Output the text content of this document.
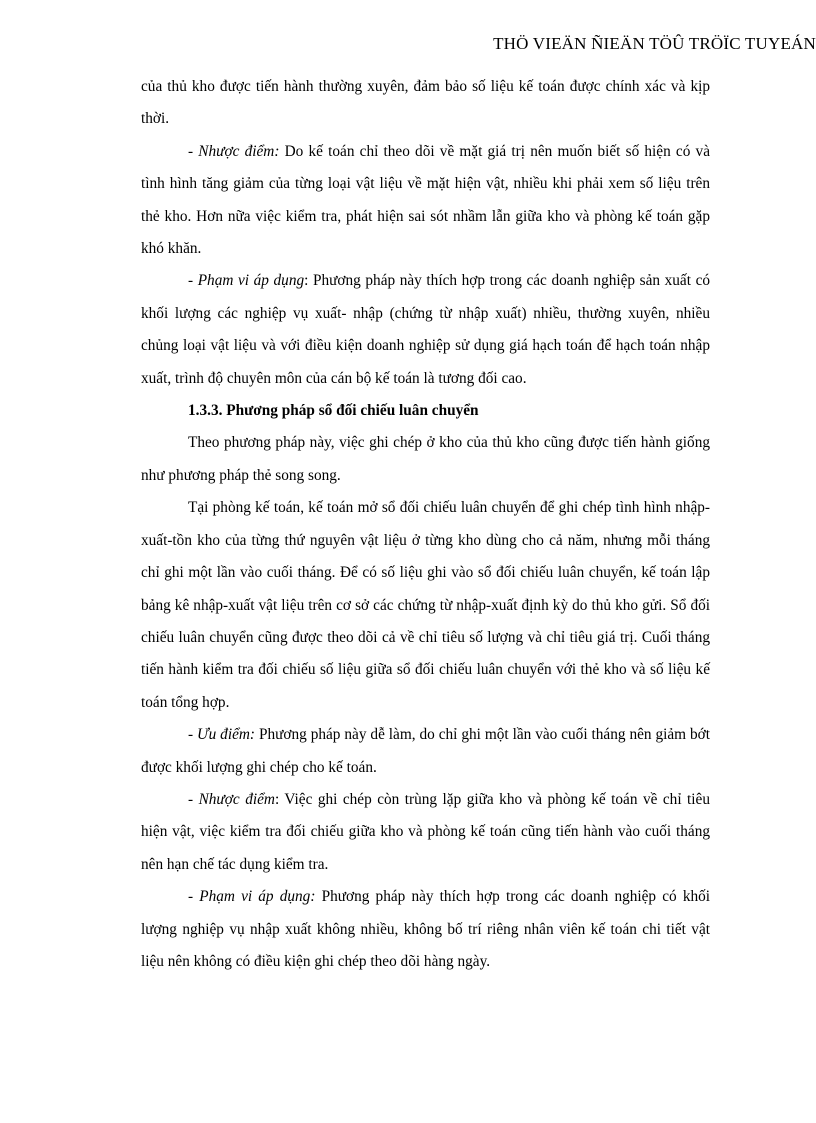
THÖ VIEÄN ÑIEÄN TÖÛ TRÖÏC TUYEÁN

của thủ kho được tiến hành thường xuyên, đảm bảo số liệu kế toán được chính xác và kịp thời.

- Nhược điểm: Do kế toán chỉ theo dõi về mặt giá trị nên muốn biết số hiện có và tình hình tăng giảm của từng loại vật liệu về mặt hiện vật, nhiều khi phải xem số liệu trên thẻ kho. Hơn nữa việc kiểm tra, phát hiện sai sót nhầm lẫn giữa kho và phòng kế toán gặp khó khăn.

- Phạm vi áp dụng: Phương pháp này thích hợp trong các doanh nghiệp sản xuất có khối lượng các nghiệp vụ xuất- nhập (chứng từ nhập xuất) nhiều, thường xuyên, nhiều chủng loại vật liệu và với điều kiện doanh nghiệp sử dụng giá hạch toán để hạch toán nhập xuất, trình độ chuyên môn của cán bộ kế toán là tương đối cao.

1.3.3. Phương pháp sổ đối chiếu luân chuyển

Theo phương pháp này, việc ghi chép ở kho của thủ kho cũng được tiến hành giống như phương pháp thẻ song song.

Tại phòng kế toán, kế toán mở sổ đối chiếu luân chuyển để ghi chép tình hình nhập-xuất-tồn kho của từng thứ nguyên vật liệu ở từng kho dùng cho cả năm, nhưng mỗi tháng chỉ ghi một lần vào cuối tháng. Để có số liệu ghi vào sổ đối chiếu luân chuyển, kế toán lập bảng kê nhập-xuất vật liệu trên cơ sở các chứng từ nhập-xuất định kỳ do thủ kho gửi. Sổ đối chiếu luân chuyển cũng được theo dõi cả về chỉ tiêu số lượng và chỉ tiêu giá trị. Cuối tháng tiến hành kiểm tra đối chiếu số liệu giữa sổ đối chiếu luân chuyển với thẻ kho và số liệu kế toán tổng hợp.

- Ưu điểm: Phương pháp này dễ làm, do chỉ ghi một lần vào cuối tháng nên giảm bớt được khối lượng ghi chép cho kế toán.

- Nhược điểm: Việc ghi chép còn trùng lặp giữa kho và phòng kế toán về chỉ tiêu hiện vật, việc kiểm tra đối chiếu giữa kho và phòng kế toán cũng tiến hành vào cuối tháng nên hạn chế tác dụng kiểm tra.

- Phạm vi áp dụng: Phương pháp này thích hợp trong các doanh nghiệp có khối lượng nghiệp vụ nhập xuất không nhiều, không bố trí riêng nhân viên kế toán chi tiết vật liệu nên không có điều kiện ghi chép theo dõi hàng ngày.
